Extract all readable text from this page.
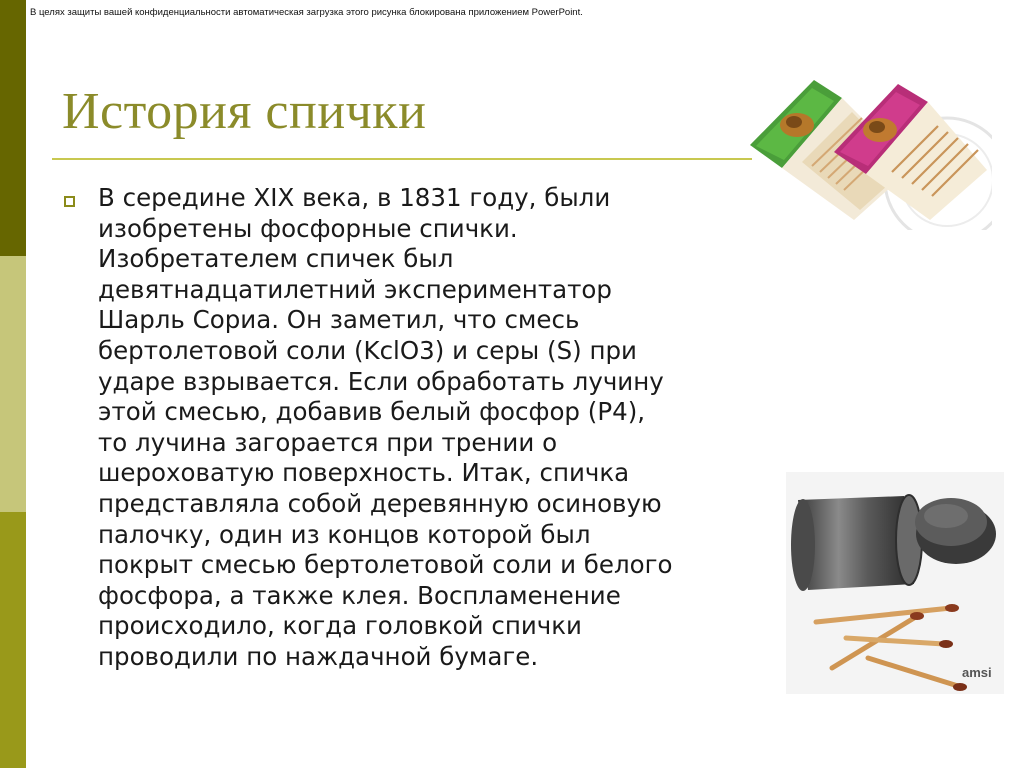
В целях защиты вашей конфиденциальности автоматическая загрузка этого рисунка блокирована приложением PowerPoint.
История спички
В середине XIX века, в 1831 году, были
изобретены фосфорные спички.
Изобретателем спичек был
девятнадцатилетний экспериментатор
Шарль Сориа. Он заметил, что смесь
бертолетовой соли (KclO3) и серы (S) при
ударе взрывается. Если обработать лучину
этой смесью, добавив белый фосфор (P4),
то лучина загорается при трении о
шероховатую поверхность. Итак, спичка
представляла собой деревянную осиновую
палочку, один из концов которой был
покрыт смесью бертолетовой соли и белого
фосфора, а также клея. Воспламенение
происходило, когда головкой спички
проводили по наждачной бумаге.
amsi
